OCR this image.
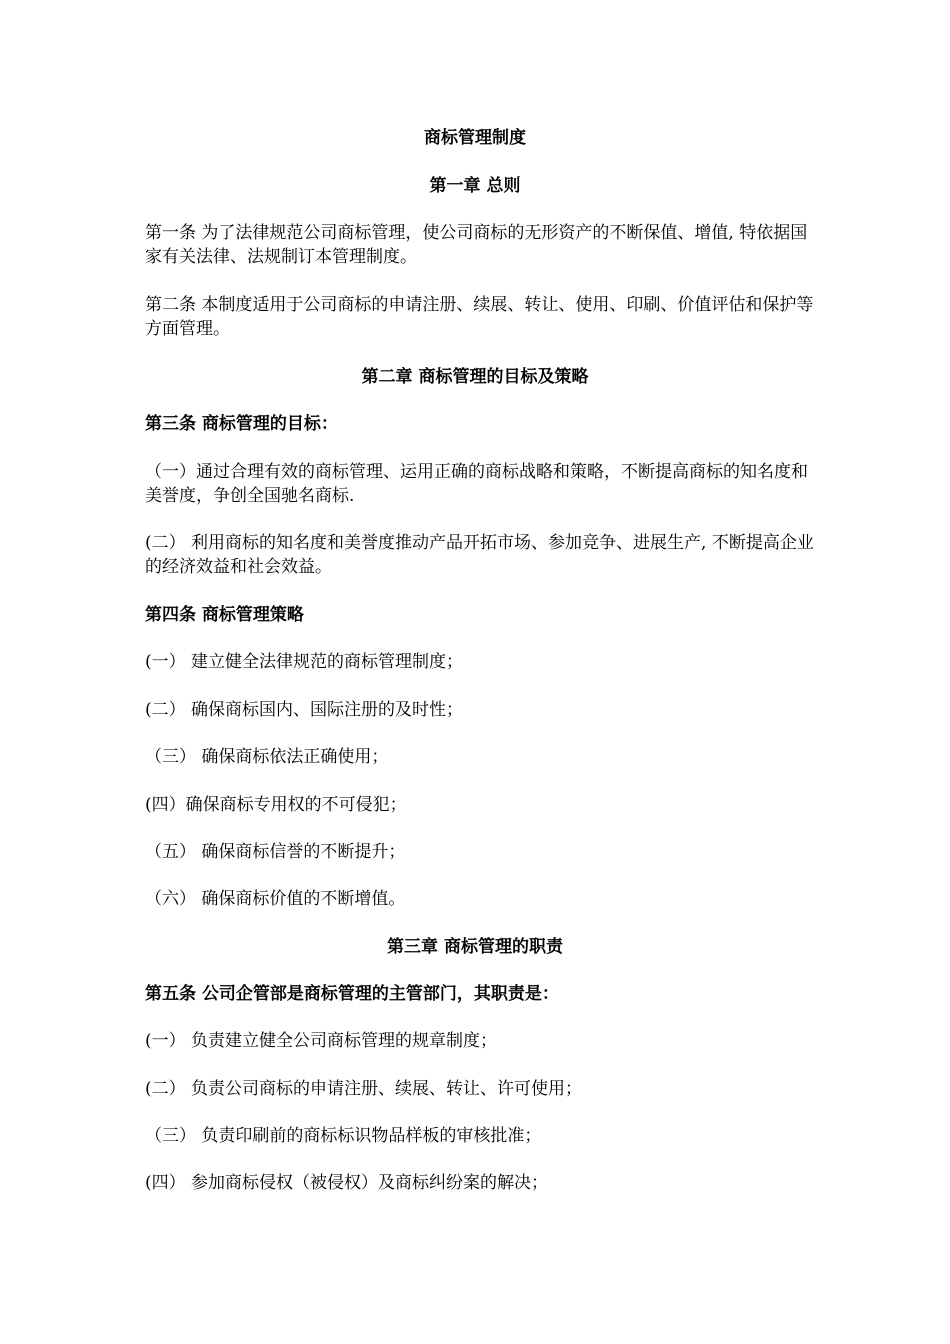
商标管理制度
第一章 总则

第一条 为了法律规范公司商标管理，使公司商标的无形资产的不断保值、增值, 特依据国家有关法律、法规制订本管理制度。

第二条 本制度适用于公司商标的申请注册、续展、转让、使用、印刷、价值评估和保护等方面管理。

第二章 商标管理的目标及策略
第三条 商标管理的目标：

（一）通过合理有效的商标管理、运用正确的商标战略和策略，不断提高商标的知名度和美誉度，争创全国驰名商标.

(二） 利用商标的知名度和美誉度推动产品开拓市场、参加竞争、进展生产, 不断提高企业的经济效益和社会效益。

第四条 商标管理策略

(一） 建立健全法律规范的商标管理制度；

(二） 确保商标国内、国际注册的及时性；

（三） 确保商标依法正确使用；

(四）确保商标专用权的不可侵犯；

（五） 确保商标信誉的不断提升；

（六） 确保商标价值的不断增值。

第三章 商标管理的职责
第五条 公司企管部是商标管理的主管部门，其职责是：

(一） 负责建立健全公司商标管理的规章制度；

(二） 负责公司商标的申请注册、续展、转让、许可使用；

（三） 负责印刷前的商标标识物品样板的审核批准；

(四） 参加商标侵权（被侵权）及商标纠纷案的解决；
